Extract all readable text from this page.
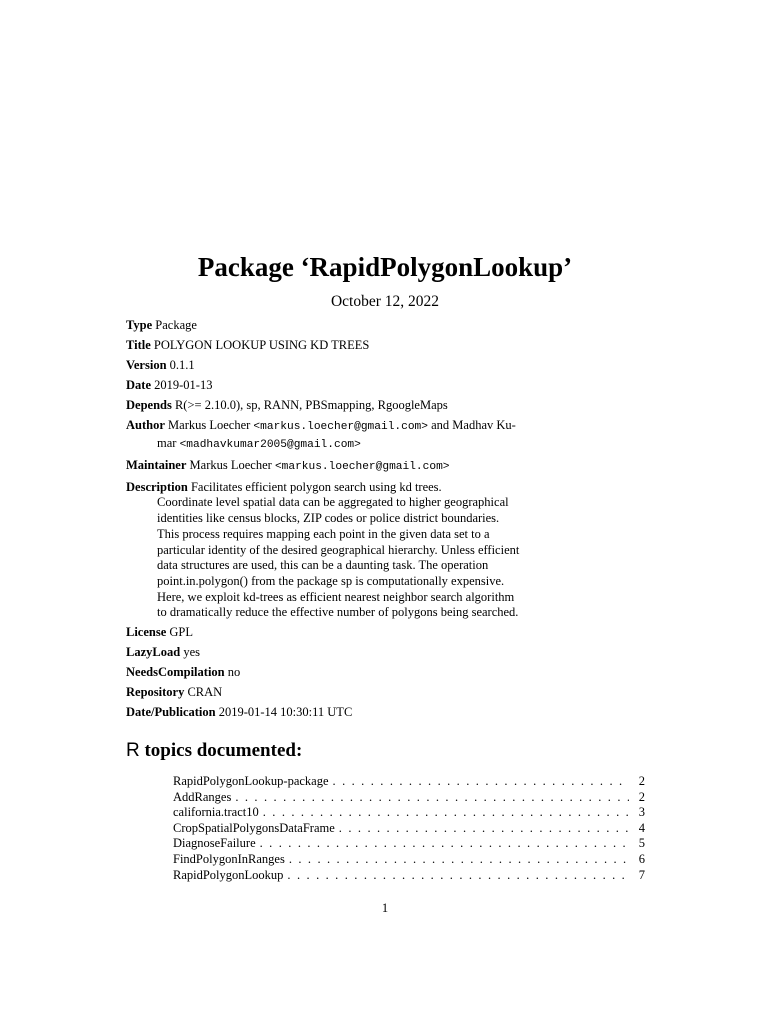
Package ‘RapidPolygonLookup’
October 12, 2022
Type Package
Title POLYGON LOOKUP USING KD TREES
Version 0.1.1
Date 2019-01-13
Depends R(>= 2.10.0), sp, RANN, PBSmapping, RgoogleMaps
Author Markus Loecher <markus.loecher@gmail.com> and Madhav Ku-
mar <madhavkumar2005@gmail.com>
Maintainer Markus Loecher <markus.loecher@gmail.com>
Description Facilitates efficient polygon search using kd trees.
Coordinate level spatial data can be aggregated to higher geographical
identities like census blocks, ZIP codes or police district boundaries.
This process requires mapping each point in the given data set to a
particular identity of the desired geographical hierarchy. Unless efficient
data structures are used, this can be a daunting task. The operation
point.in.polygon() from the package sp is computationally expensive.
Here, we exploit kd-trees as efficient nearest neighbor search algorithm
to dramatically reduce the effective number of polygons being searched.
License GPL
LazyLoad yes
NeedsCompilation no
Repository CRAN
Date/Publication 2019-01-14 10:30:11 UTC
R topics documented:
RapidPolygonLookup-package . . .	2
AddRanges . . .	2
california.tract10 . . .	3
CropSpatialPolygonsDataFrame . . .	4
DiagnoseFailure . . .	5
FindPolygonInRanges . . .	6
RapidPolygonLookup . . .	7
1
